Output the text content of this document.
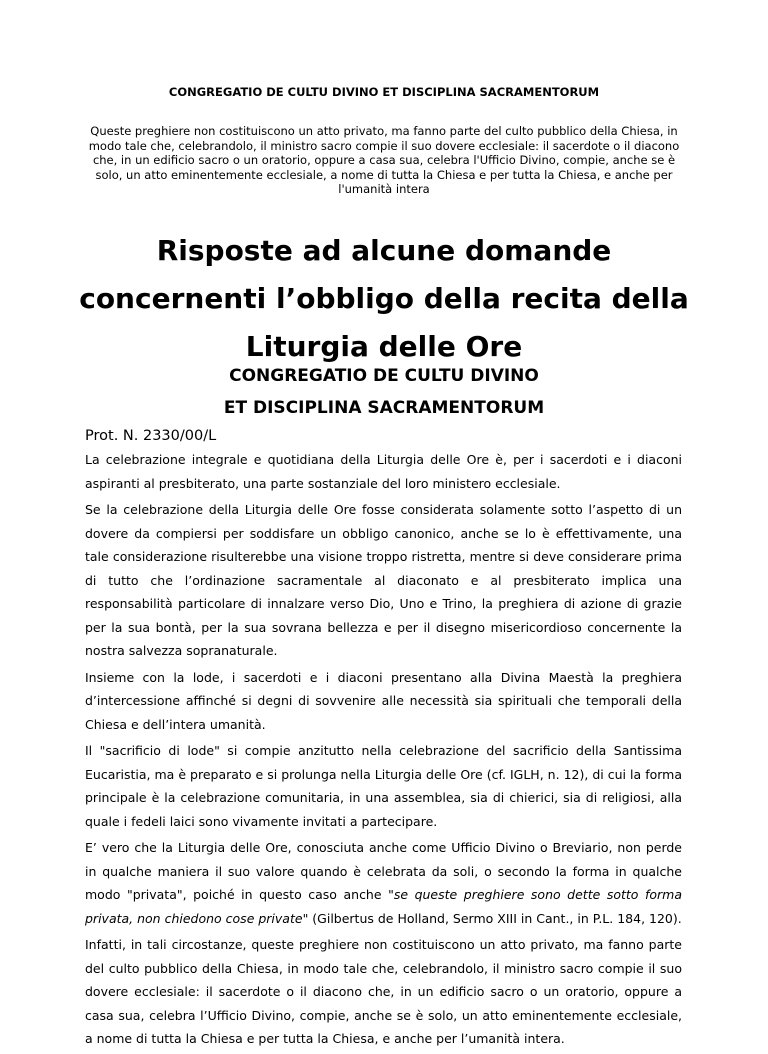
CONGREGATIO DE CULTU DIVINO ET DISCIPLINA SACRAMENTORUM
Queste preghiere non costituiscono un atto privato, ma fanno parte del culto pubblico della Chiesa, in modo tale che, celebrandolo, il ministro sacro compie il suo dovere ecclesiale: il sacerdote o il diacono che, in un edificio sacro o un oratorio, oppure a casa sua, celebra l'Ufficio Divino, compie, anche se è solo, un atto eminentemente ecclesiale, a nome di tutta la Chiesa e per tutta la Chiesa, e anche per l'umanità intera
Risposte ad alcune domande
concernenti l’obbligo della recita della
Liturgia delle Ore
CONGREGATIO DE CULTU DIVINO
ET DISCIPLINA SACRAMENTORUM
Prot. N. 2330/00/L

La celebrazione integrale e quotidiana della Liturgia delle Ore è, per i sacerdoti e i diaconi aspiranti al presbiterato, una parte sostanziale del loro ministero ecclesiale.

Se la celebrazione della Liturgia delle Ore fosse considerata solamente sotto l’aspetto di un dovere da compiersi per soddisfare un obbligo canonico, anche se lo è effettivamente, una tale considerazione risulterebbe una visione troppo ristretta, mentre si deve considerare prima di tutto che l’ordinazione sacramentale al diaconato e al presbiterato implica una responsabilità particolare di innalzare verso Dio, Uno e Trino, la preghiera di azione di grazie per la sua bontà, per la sua sovrana bellezza e per il disegno misericordioso concernente la nostra salvezza sopranaturale.

Insieme con la lode, i sacerdoti e i diaconi presentano alla Divina Maestà la preghiera d’intercessione affinché si degni di sovvenire alle necessità sia spirituali che temporali della Chiesa e dell’intera umanità.

Il "sacrificio di lode" si compie anzitutto nella celebrazione del sacrificio della Santissima Eucaristia, ma è preparato e si prolunga nella Liturgia delle Ore (cf. IGLH, n. 12), di cui la forma principale è la celebrazione comunitaria, in una assemblea, sia di chierici, sia di religiosi, alla quale i fedeli laici sono vivamente invitati a partecipare.

E’ vero che la Liturgia delle Ore, conosciuta anche come Ufficio Divino o Breviario, non perde in qualche maniera il suo valore quando è celebrata da soli, o secondo la forma in qualche modo "privata", poiché in questo caso anche "se queste preghiere sono dette sotto forma privata, non chiedono cose private" (Gilbertus de Holland, Sermo XIII in Cant., in P.L. 184, 120).

Infatti, in tali circostanze, queste preghiere non costituiscono un atto privato, ma fanno parte del culto pubblico della Chiesa, in modo tale che, celebrandolo, il ministro sacro compie il suo dovere ecclesiale: il sacerdote o il diacono che, in un edificio sacro o un oratorio, oppure a casa sua, celebra l’Ufficio Divino, compie, anche se è solo, un atto eminentemente ecclesiale, a nome di tutta la Chiesa e per tutta la Chiesa, e anche per l’umanità intera.
